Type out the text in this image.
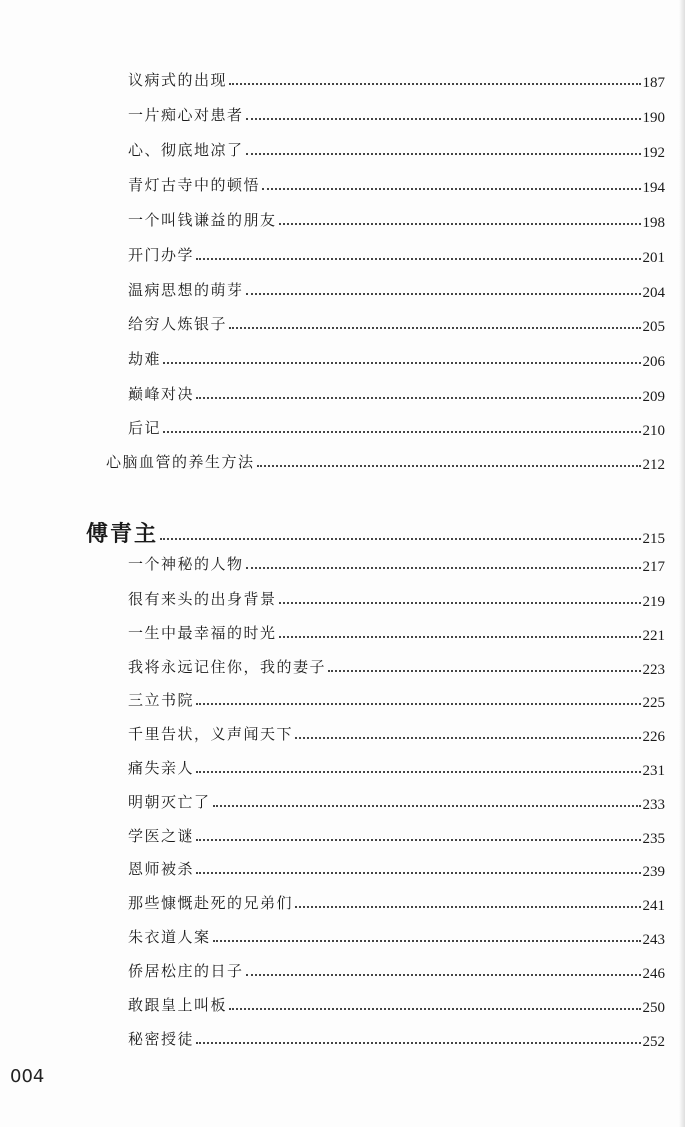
议病式的出现	187
一片痴心对患者	190
心、彻底地凉了	192
青灯古寺中的顿悟	194
一个叫钱谦益的朋友	198
开门办学	201
温病思想的萌芽	204
给穷人炼银子	205
劫难	206
巅峰对决	209
后记	210
心脑血管的养生方法	212
傅青主	215
一个神秘的人物	217
很有来头的出身背景	219
一生中最幸福的时光	221
我将永远记住你，我的妻子	223
三立书院	225
千里告状，义声闻天下	226
痛失亲人	231
明朝灭亡了	233
学医之谜	235
恩师被杀	239
那些慷慨赴死的兄弟们	241
朱衣道人案	243
侨居松庄的日子	246
敢跟皇上叫板	250
秘密授徒	252
004
